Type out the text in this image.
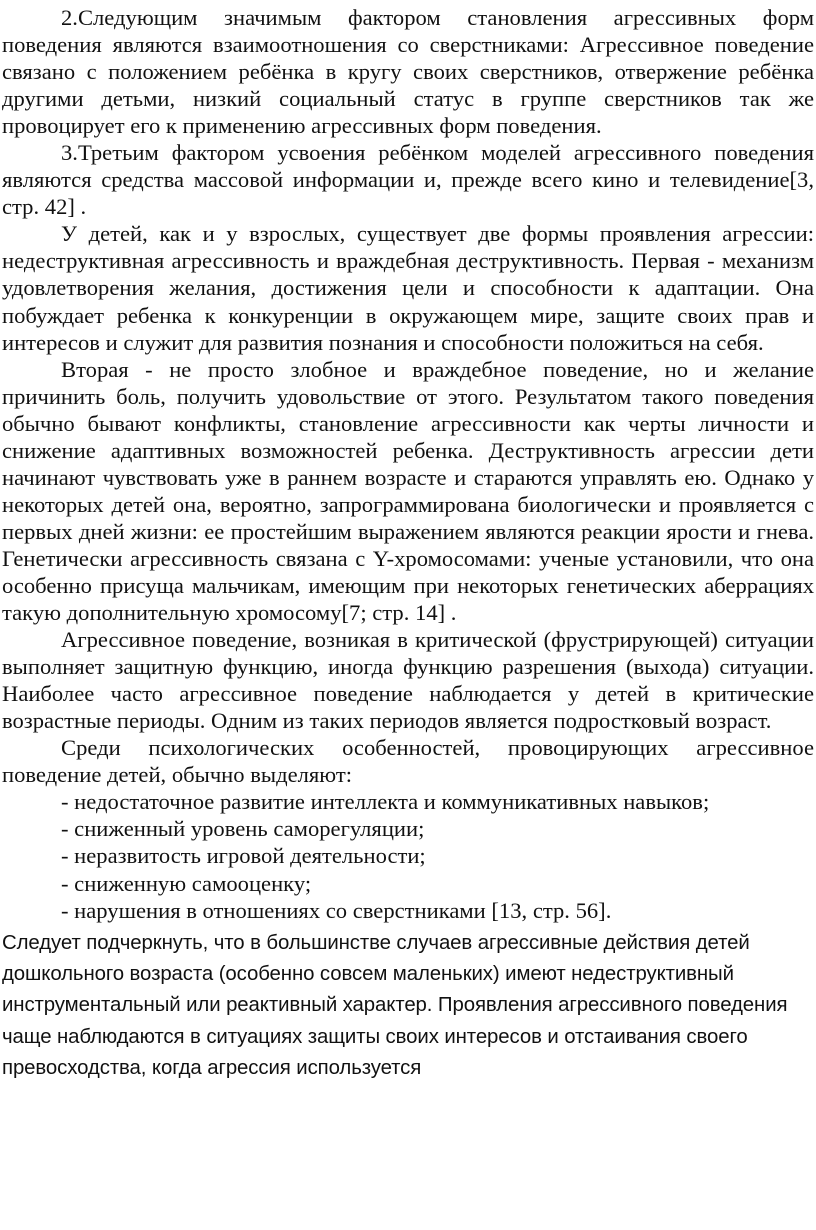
2.Следующим значимым фактором становления агрессивных форм поведения являются взаимоотношения со сверстниками: Агрессивное поведение связано с положением ребёнка в кругу своих сверстников, отвержение ребёнка другими детьми, низкий социальный статус в группе сверстников так же провоцирует его к применению агрессивных форм поведения.

3.Третьим фактором усвоения ребёнком моделей агрессивного поведения являются средства массовой информации и, прежде всего кино и телевидение[3, стр. 42] .

У детей, как и у взрослых, существует две формы проявления агрессии: недеструктивная агрессивность и враждебная деструктивность. Первая - механизм удовлетворения желания, достижения цели и способности к адаптации. Она побуждает ребенка к конкуренции в окружающем мире, защите своих прав и интересов и служит для развития познания и способности положиться на себя.

Вторая - не просто злобное и враждебное поведение, но и желание причинить боль, получить удовольствие от этого. Результатом такого поведения обычно бывают конфликты, становление агрессивности как черты личности и снижение адаптивных возможностей ребенка. Деструктивность агрессии дети начинают чувствовать уже в раннем возрасте и стараются управлять ею. Однако у некоторых детей она, вероятно, запрограммирована биологически и проявляется с первых дней жизни: ее простейшим выражением являются реакции ярости и гнева. Генетически агрессивность связана с Y-хромосомами: ученые установили, что она особенно присуща мальчикам, имеющим при некоторых генетических аберрациях такую дополнительную хромосому[7; стр. 14] .

Агрессивное поведение, возникая в критической (фрустрирующей) ситуации выполняет защитную функцию, иногда функцию разрешения (выхода) ситуации. Наиболее часто агрессивное поведение наблюдается у детей в критические возрастные периоды. Одним из таких периодов является подростковый возраст.

Среди психологических особенностей, провоцирующих агрессивное поведение детей, обычно выделяют:

- недостаточное развитие интеллекта и коммуникативных навыков;
- сниженный уровень саморегуляции;
- неразвитость игровой деятельности;
- сниженную самооценку;
- нарушения в отношениях со сверстниками [13, стр. 56].

Следует подчеркнуть, что в большинстве случаев агрессивные действия детей дошкольного возраста (особенно совсем маленьких) имеют недеструктивный инструментальный или реактивный характер. Проявления агрессивного поведения чаще наблюдаются в ситуациях защиты своих интересов и отстаивания своего превосходства, когда агрессия используется
